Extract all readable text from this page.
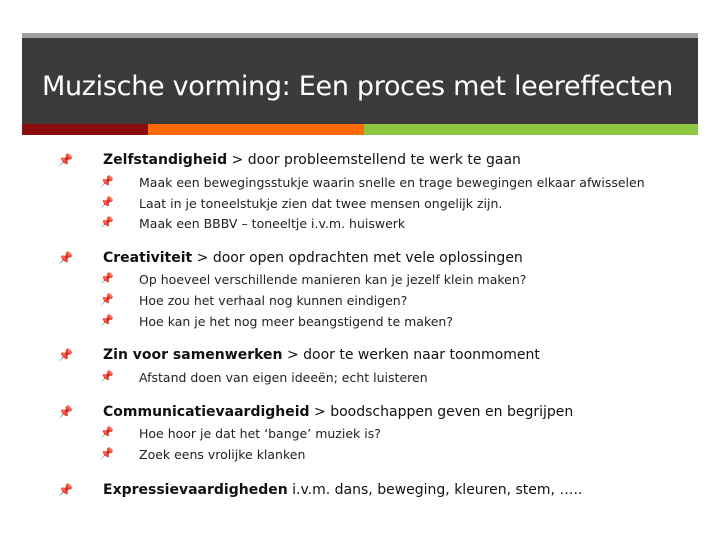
Muzische vorming: Een proces met leereffecten
📌 Zelfstandigheid > door probleemstellend te werk te gaan
📌 Maak een bewegingsstukje waarin snelle en trage bewegingen elkaar afwisselen
📌 Laat in je toneelstukje zien dat twee mensen ongelijk zijn.
📌 Maak een BBBV – toneeltje i.v.m. huiswerk
📌 Creativiteit > door open opdrachten met vele oplossingen
📌 Op hoeveel verschillende manieren kan je jezelf klein maken?
📌 Hoe zou het verhaal nog kunnen eindigen?
📌 Hoe kan je het nog meer beangstigend te maken?
📌 Zin voor samenwerken > door te werken naar toonmoment
📌 Afstand doen van eigen ideeën; echt luisteren
📌 Communicatievaardigheid > boodschappen geven en begrijpen
📌 Hoe hoor je dat het ‘bange’ muziek is?
📌 Zoek eens vrolijke klanken
📌 Expressievaardigheden i.v.m. dans, beweging, kleuren, stem, …..
